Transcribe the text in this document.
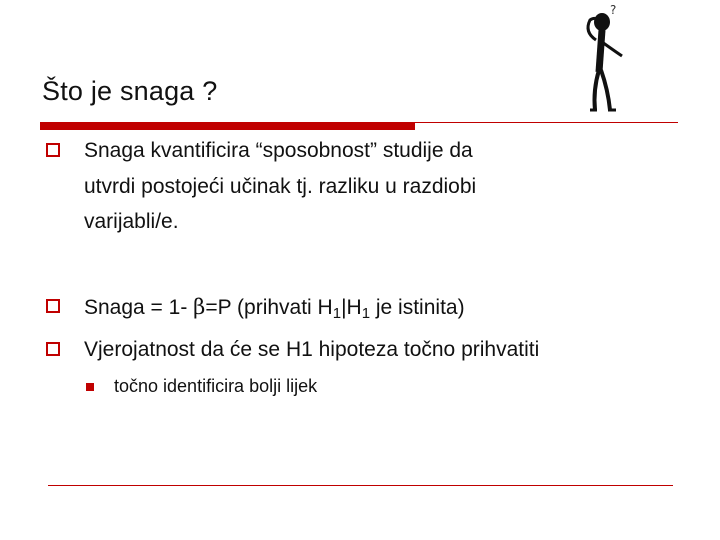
Što je snaga ?
?
Snaga kvantificira “sposobnost” studije da
utvrdi postojeći učinak tj. razliku u razdiobi
varijabli/e.
Snaga = 1- β=P (prihvati $H_1|H_1$ je istinita)
Vjerojatnost da će se H1 hipoteza točno prihvatiti
točno identificira bolji lijek
